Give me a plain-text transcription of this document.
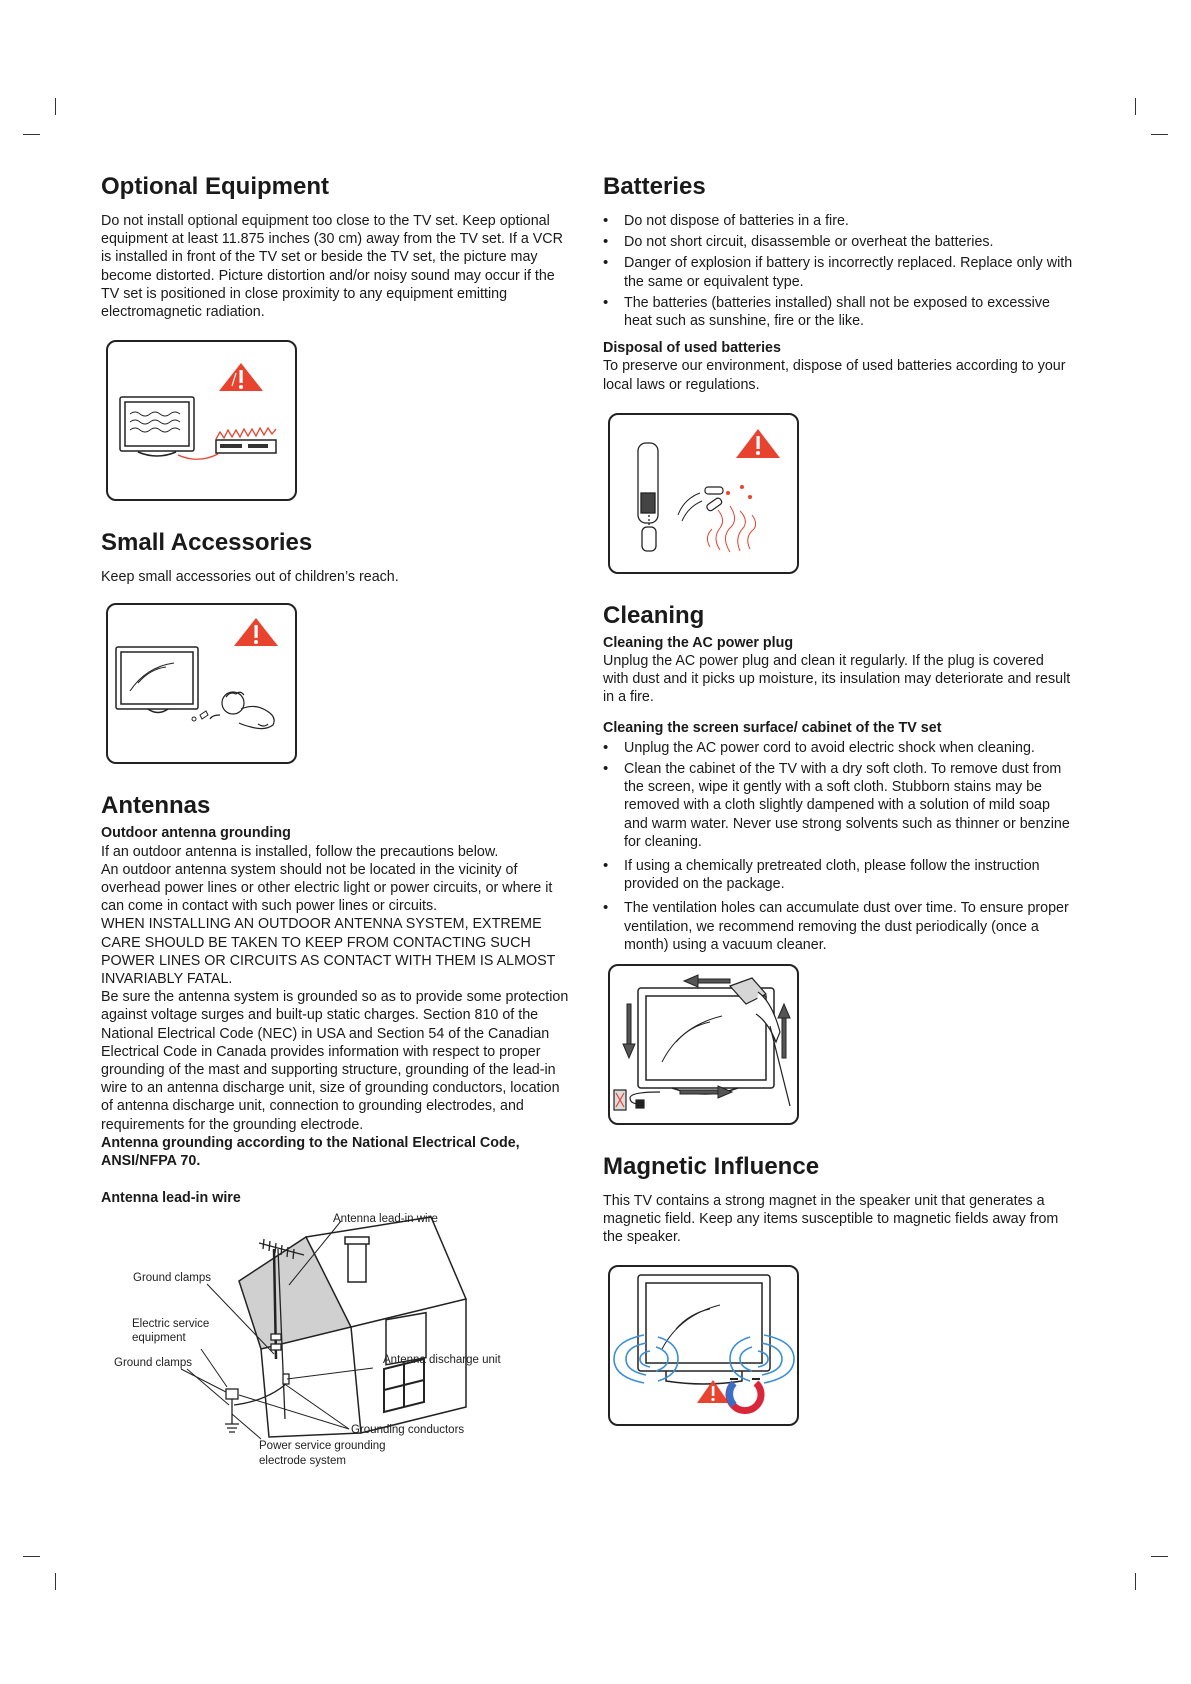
Optional Equipment

Do not install optional equipment too close to the TV set. Keep optional equipment at least 11.875 inches (30 cm) away from the TV set. If a VCR is installed in front of the TV set or beside the TV set, the picture may become distorted. Picture distortion and/or noisy sound may occur if the TV set is positioned in close proximity to any equipment emitting electromagnetic radiation.

Small Accessories

Keep small accessories out of children’s reach.

Antennas
Outdoor antenna grounding

If an outdoor antenna is installed, follow the precautions below.

An outdoor antenna system should not be located in the vicinity of overhead power lines or other electric light or power circuits, or where it can come in contact with such power lines or circuits.

WHEN INSTALLING AN OUTDOOR ANTENNA SYSTEM, EXTREME CARE SHOULD BE TAKEN TO KEEP FROM CONTACTING SUCH POWER LINES OR CIRCUITS AS CONTACT WITH THEM IS ALMOST INVARIABLY FATAL.

Be sure the antenna system is grounded so as to provide some protection against voltage surges and built-up static charges. Section 810 of the National Electrical Code (NEC) in USA and Section 54 of the Canadian Electrical Code in Canada provides information with respect to proper grounding of the mast and supporting structure, grounding of the lead-in wire to an antenna discharge unit, size of grounding conductors, location of antenna discharge unit, connection to grounding electrodes, and requirements for the grounding electrode.

Antenna grounding according to the National Electrical Code, ANSI/NFPA 70.

Antenna lead-in wire
Antenna lead-in wire
Ground clamps
Electric service
equipment
Ground clamps	Antenna discharge unit
Grounding conductors
Power service grounding
electrode system
Batteries
• Do not dispose of batteries in a fire.
• Do not short circuit, disassemble or overheat the batteries.
• Danger of explosion if battery is incorrectly replaced. Replace only with the same or equivalent type.
• The batteries (batteries installed) shall not be exposed to excessive heat such as sunshine, fire or the like.
Disposal of used batteries

To preserve our environment, dispose of used batteries according to your local laws or regulations.

Cleaning
Cleaning the AC power plug

Unplug the AC power plug and clean it regularly. If the plug is covered with dust and it picks up moisture, its insulation may deteriorate and result in a fire.

Cleaning the screen surface/ cabinet of the TV set
• Unplug the AC power cord to avoid electric shock when cleaning.
• Clean the cabinet of the TV with a dry soft cloth. To remove dust from the screen, wipe it gently with a soft cloth. Stubborn stains may be removed with a cloth slightly dampened with a solution of mild soap and warm water. Never use strong solvents such as thinner or benzine for cleaning.
• If using a chemically pretreated cloth, please follow the instruction provided on the package.
• The ventilation holes can accumulate dust over time. To ensure proper ventilation, we recommend removing the dust periodically (once a month) using a vacuum cleaner.
Magnetic Influence

This TV contains a strong magnet in the speaker unit that generates a magnetic field. Keep any items susceptible to magnetic fields away from the speaker.
